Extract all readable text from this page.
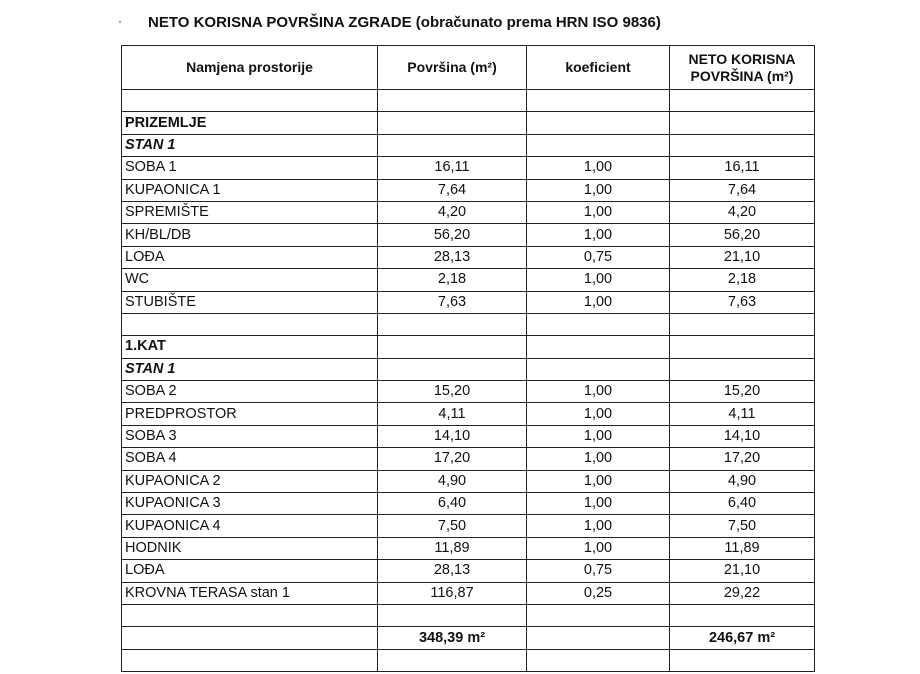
· NETO KORISNA POVRŠINA ZGRADE (obračunato prema HRN ISO 9836)
Namjena prostorije	Površina (m²)	koeficient	NETO KORISNA POVRŠINA (m²)

PRIZEMLJE			
STAN 1			
SOBA 1	16,11	1,00	16,11
KUPAONICA 1	7,64	1,00	7,64
SPREMIŠTE	4,20	1,00	4,20
KH/BL/DB	56,20	1,00	56,20
LOĐA	28,13	0,75	21,10
WC	2,18	1,00	2,18
STUBIŠTE	7,63	1,00	7,63

1.KAT			
STAN 1			
SOBA 2	15,20	1,00	15,20
PREDPROSTOR	4,11	1,00	4,11
SOBA 3	14,10	1,00	14,10
SOBA 4	17,20	1,00	17,20
KUPAONICA 2	4,90	1,00	4,90
KUPAONICA 3	6,40	1,00	6,40
KUPAONICA 4	7,50	1,00	7,50
HODNIK	11,89	1,00	11,89
LOĐA	28,13	0,75	21,10
KROVNA TERASA stan 1	116,87	0,25	29,22

	348,39 m²		246,67 m²
